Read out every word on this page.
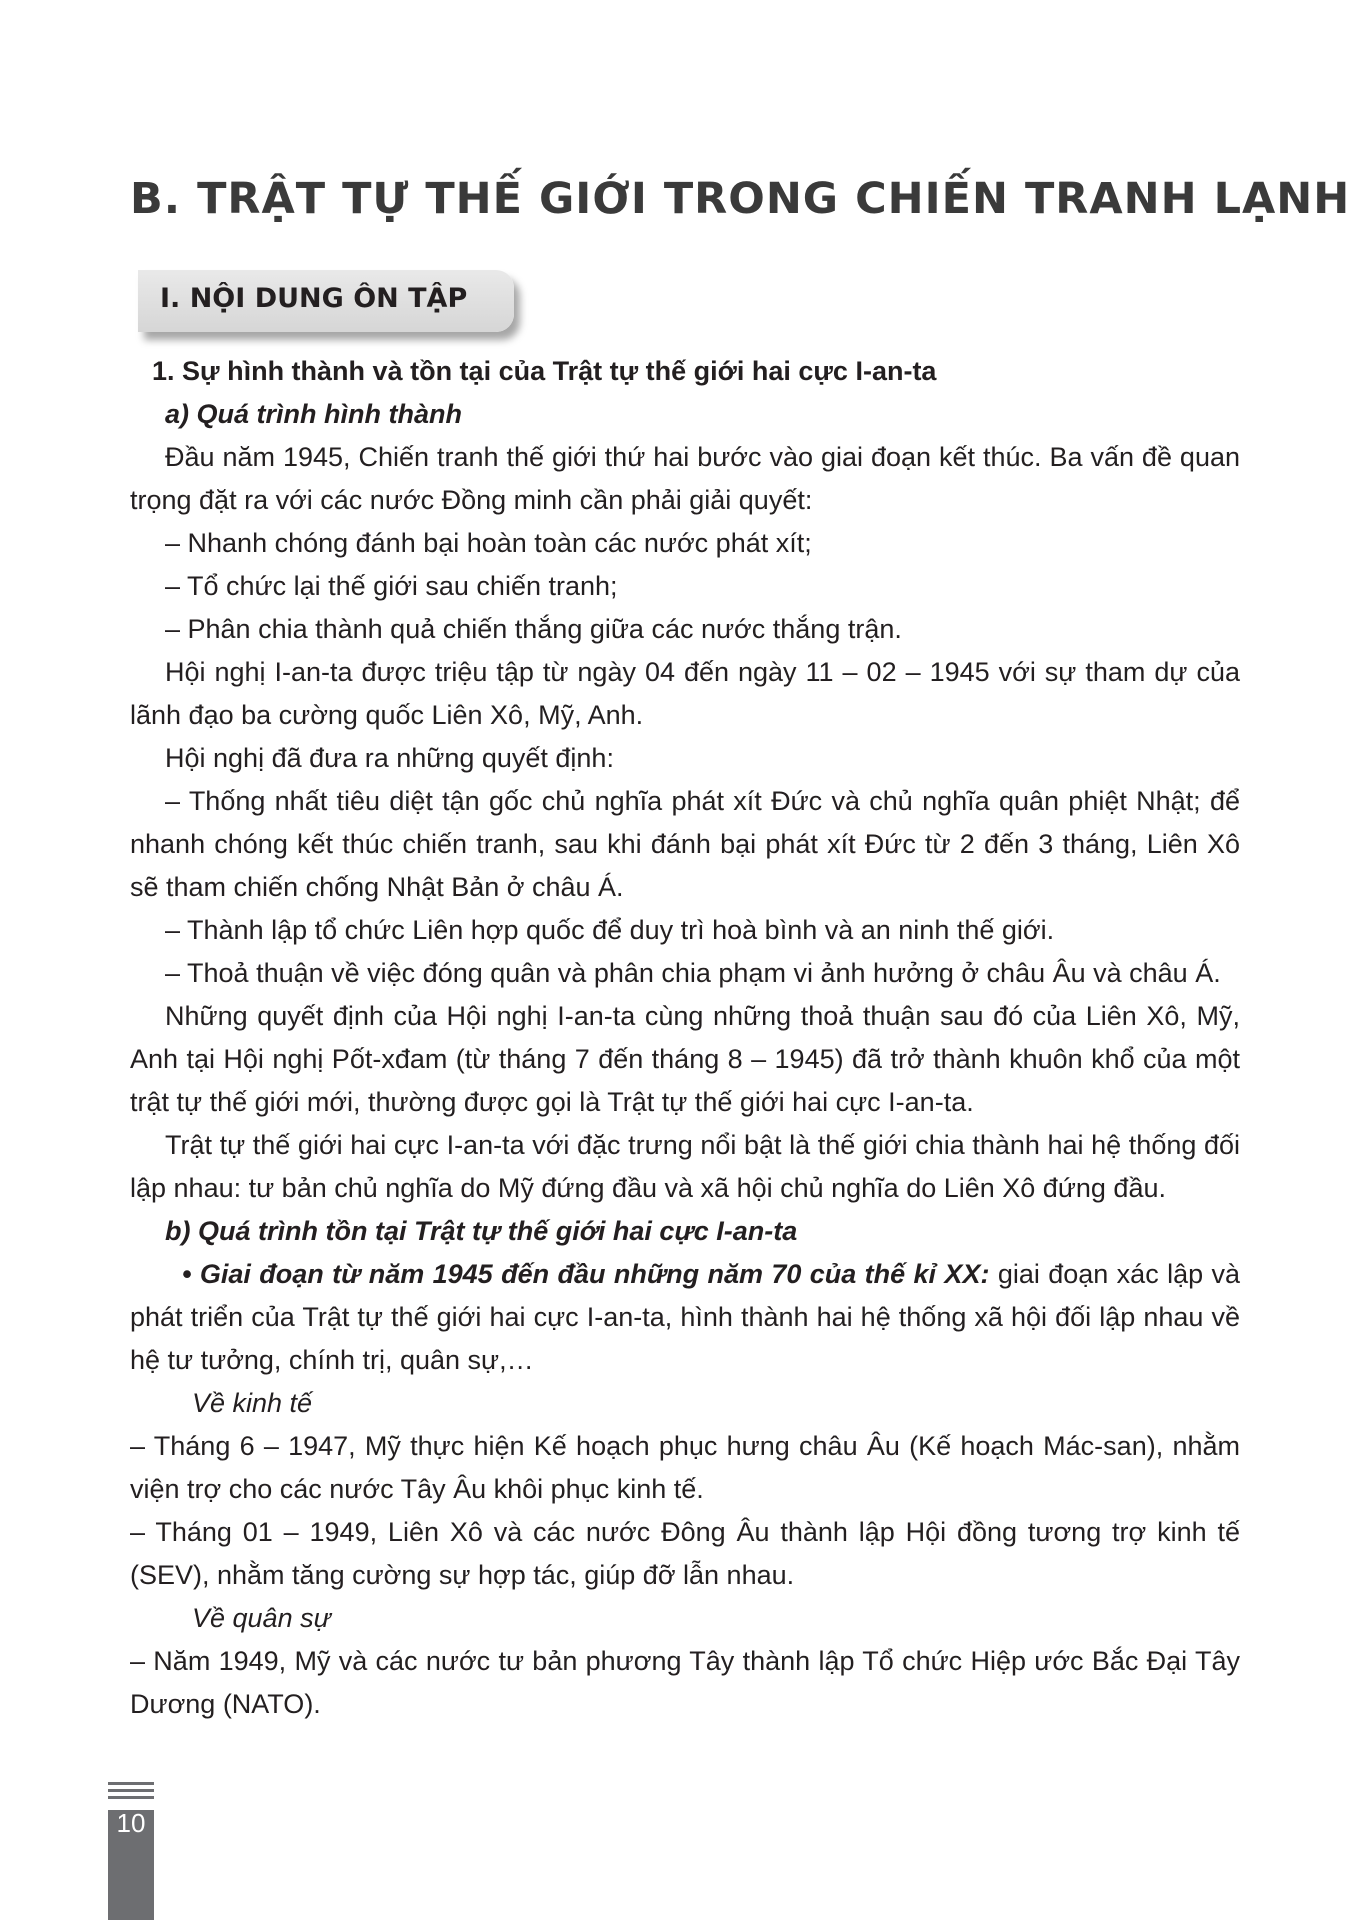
B. TRẬT TỰ THẾ GIỚI TRONG CHIẾN TRANH LẠNH
I. NỘI DUNG ÔN TẬP

1. Sự hình thành và tồn tại của Trật tự thế giới hai cực I-an-ta

a) Quá trình hình thành

Đầu năm 1945, Chiến tranh thế giới thứ hai bước vào giai đoạn kết thúc. Ba vấn đề quan trọng đặt ra với các nước Đồng minh cần phải giải quyết:

– Nhanh chóng đánh bại hoàn toàn các nước phát xít;

– Tổ chức lại thế giới sau chiến tranh;

– Phân chia thành quả chiến thắng giữa các nước thắng trận.

Hội nghị I-an-ta được triệu tập từ ngày 04 đến ngày 11 – 02 – 1945 với sự tham dự của lãnh đạo ba cường quốc Liên Xô, Mỹ, Anh.

Hội nghị đã đưa ra những quyết định:

– Thống nhất tiêu diệt tận gốc chủ nghĩa phát xít Đức và chủ nghĩa quân phiệt Nhật; để nhanh chóng kết thúc chiến tranh, sau khi đánh bại phát xít Đức từ 2 đến 3 tháng, Liên Xô sẽ tham chiến chống Nhật Bản ở châu Á.

– Thành lập tổ chức Liên hợp quốc để duy trì hoà bình và an ninh thế giới.

– Thoả thuận về việc đóng quân và phân chia phạm vi ảnh hưởng ở châu Âu và châu Á.

Những quyết định của Hội nghị I-an-ta cùng những thoả thuận sau đó của Liên Xô, Mỹ, Anh tại Hội nghị Pốt-xđam (từ tháng 7 đến tháng 8 – 1945) đã trở thành khuôn khổ của một trật tự thế giới mới, thường được gọi là Trật tự thế giới hai cực I-an-ta.

Trật tự thế giới hai cực I-an-ta với đặc trưng nổi bật là thế giới chia thành hai hệ thống đối lập nhau: tư bản chủ nghĩa do Mỹ đứng đầu và xã hội chủ nghĩa do Liên Xô đứng đầu.

b) Quá trình tồn tại Trật tự thế giới hai cực I-an-ta

• Giai đoạn từ năm 1945 đến đầu những năm 70 của thế kỉ XX: giai đoạn xác lập và phát triển của Trật tự thế giới hai cực I-an-ta, hình thành hai hệ thống xã hội đối lập nhau về hệ tư tưởng, chính trị, quân sự,…

Về kinh tế

– Tháng 6 – 1947, Mỹ thực hiện Kế hoạch phục hưng châu Âu (Kế hoạch Mác-san), nhằm viện trợ cho các nước Tây Âu khôi phục kinh tế.

– Tháng 01 – 1949, Liên Xô và các nước Đông Âu thành lập Hội đồng tương trợ kinh tế (SEV), nhằm tăng cường sự hợp tác, giúp đỡ lẫn nhau.

Về quân sự

– Năm 1949, Mỹ và các nước tư bản phương Tây thành lập Tổ chức Hiệp ước Bắc Đại Tây Dương (NATO).

10
